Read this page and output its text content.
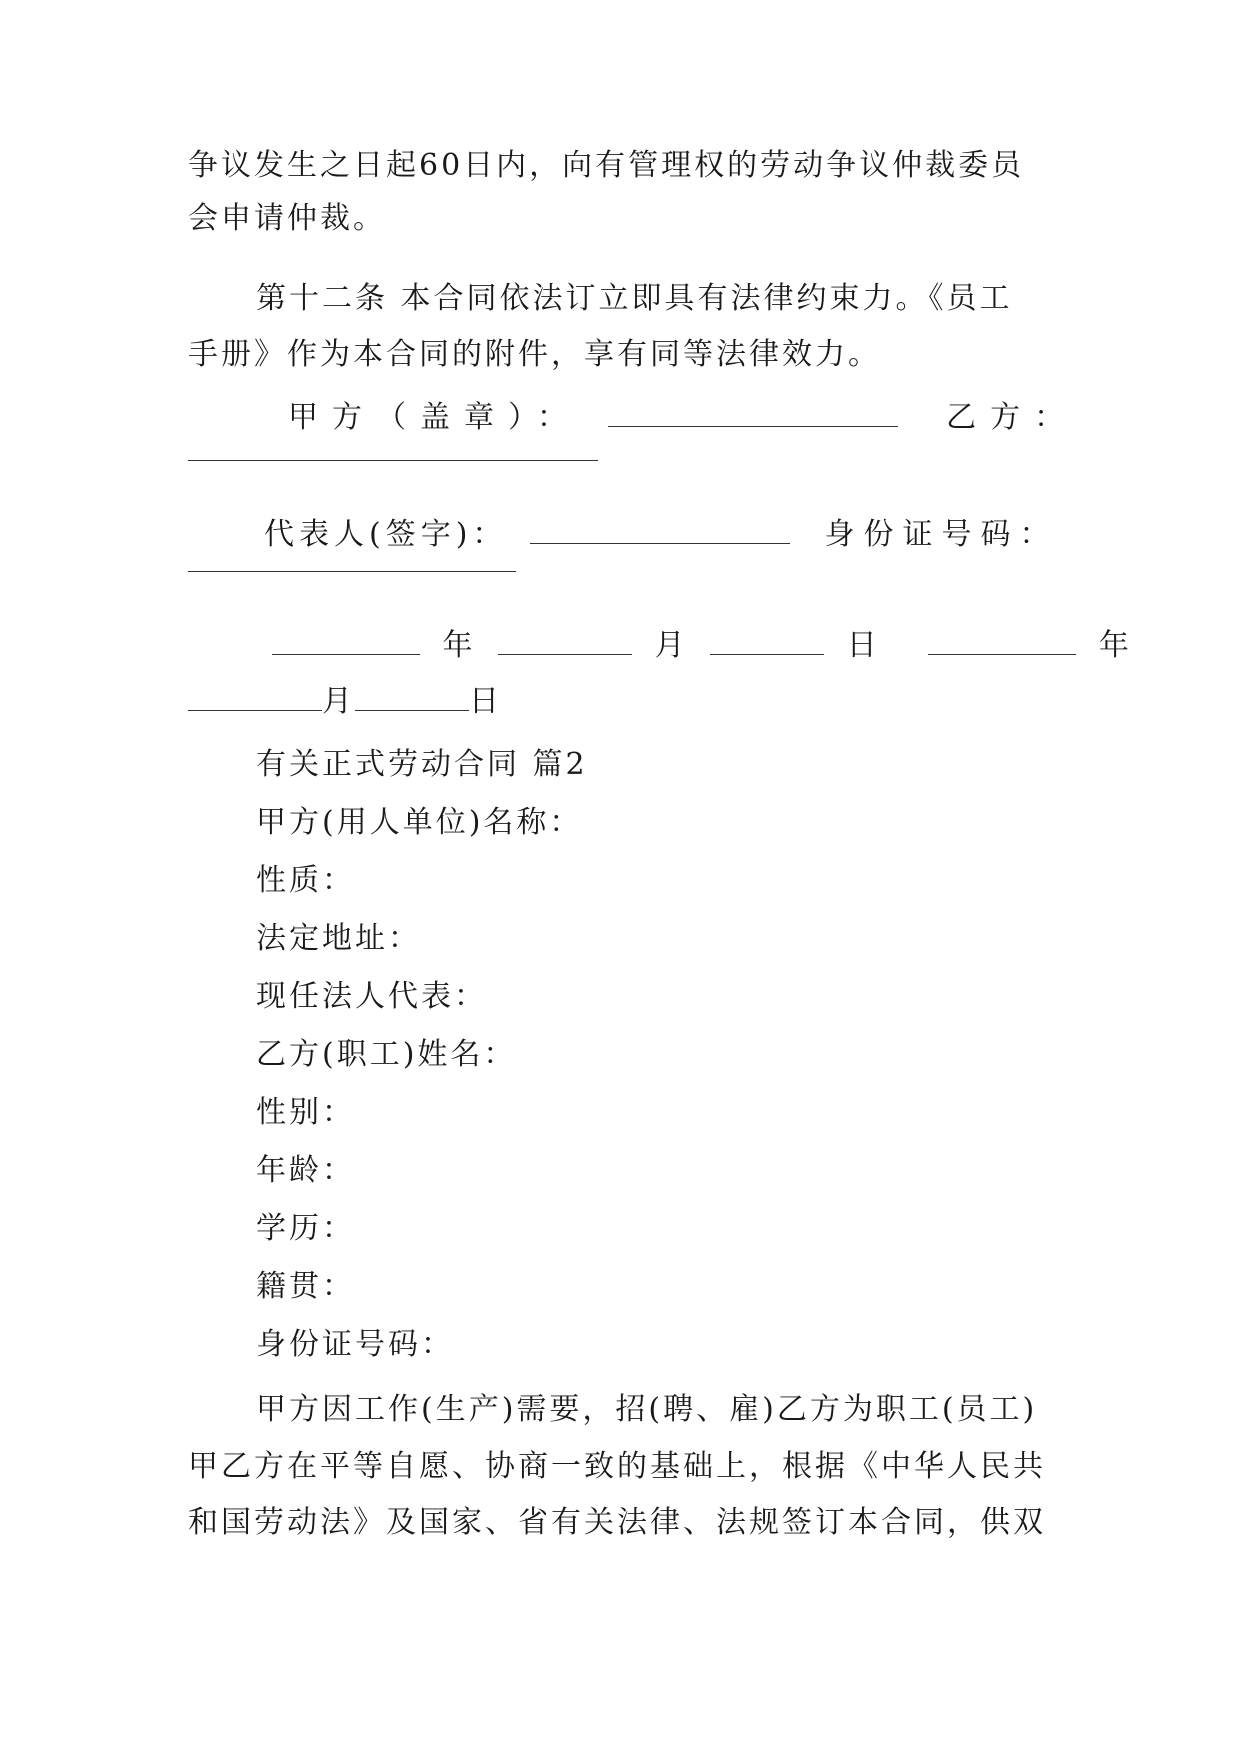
争议发生之日起60日内，向有管理权的劳动争议仲裁委员
会申请仲裁。
第十二条 本合同依法订立即具有法律约束力。《员工
手册》作为本合同的附件，享有同等法律效力。
甲方（盖章）：	乙方：
代表人(签字)：	身份证号码：
年	月	日	年
月	日
有关正式劳动合同 篇2
甲方(用人单位)名称：
性质：
法定地址：
现任法人代表：
乙方(职工)姓名：
性别：
年龄：
学历：
籍贯：
身份证号码：
甲方因工作(生产)需要，招(聘、雇)乙方为职工(员工)
甲乙方在平等自愿、协商一致的基础上，根据《中华人民共
和国劳动法》及国家、省有关法律、法规签订本合同，供双
